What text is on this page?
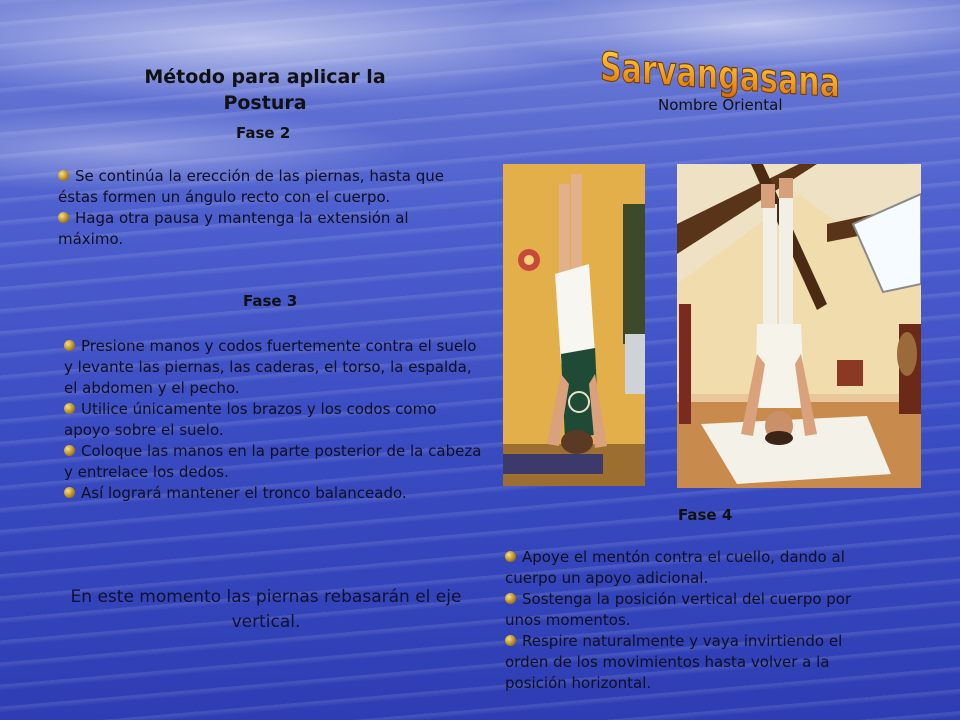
Sarvangasana
Nombre Oriental
Método para aplicar la
Postura
Fase 2

Se continúa la erección de las piernas, hasta que éstas formen un ángulo recto con el cuerpo.

Haga otra pausa y mantenga la extensión al máximo.

Fase 3

Presione manos y codos fuertemente contra el suelo y levante las piernas, las caderas, el torso, la espalda, el abdomen y el pecho.

Utilice únicamente los brazos y los codos como apoyo sobre el suelo.

Coloque las manos en la parte posterior de la cabeza y entrelace los dedos.

Así logrará mantener el tronco balanceado.

En este momento las piernas rebasarán el eje vertical.
Fase 4

Apoye el mentón contra el cuello, dando al cuerpo un apoyo adicional.

Sostenga la posición vertical del cuerpo por unos momentos.

Respire naturalmente y vaya invirtiendo el orden de los movimientos hasta volver a la posición horizontal.
